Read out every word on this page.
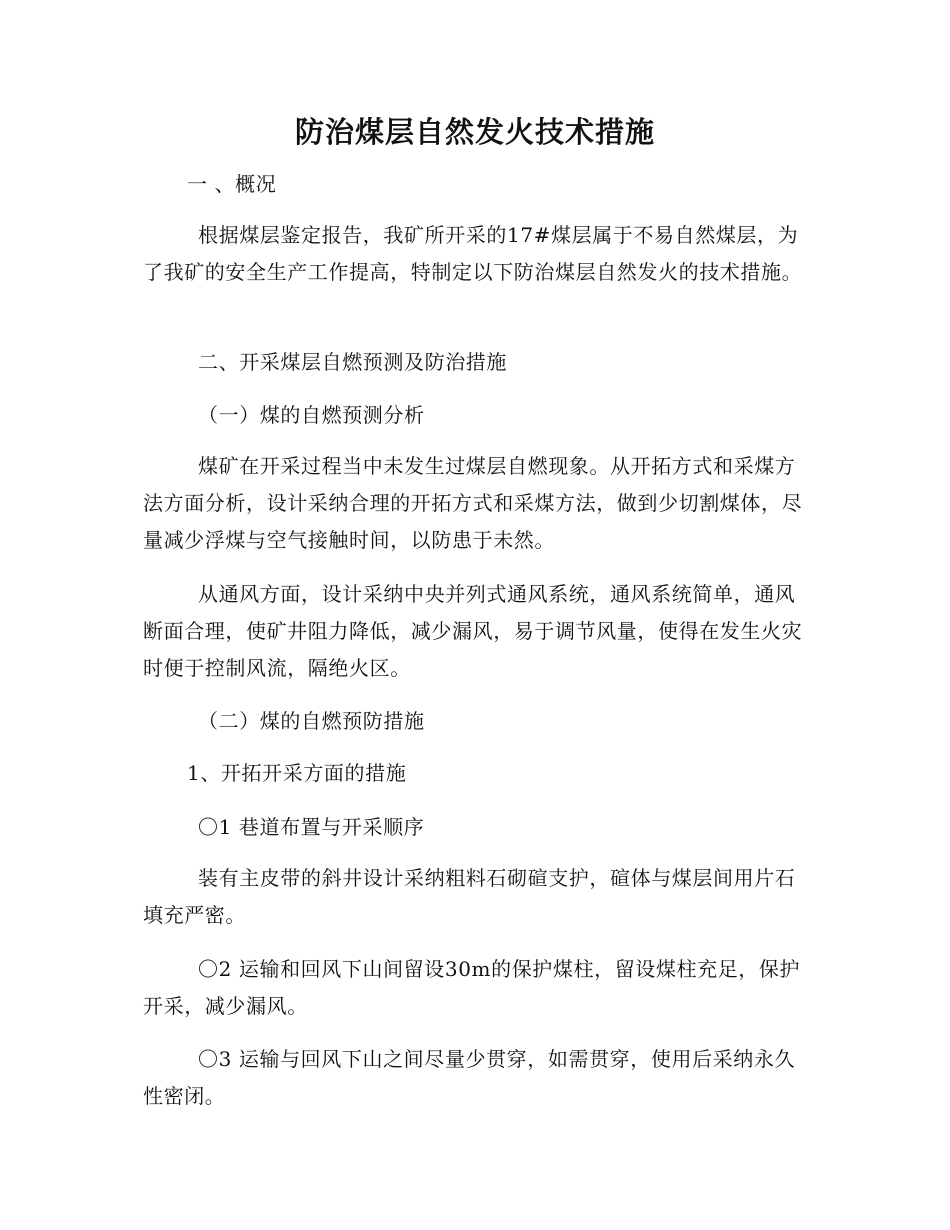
防治煤层自然发火技术措施
一 、概况
根据煤层鉴定报告，我矿所开采的17#煤层属于不易自然煤层，为了我矿的安全生产工作提高，特制定以下防治煤层自然发火的技术措施。
二、开采煤层自燃预测及防治措施
（一）煤的自燃预测分析
煤矿在开采过程当中未发生过煤层自燃现象。从开拓方式和采煤方法方面分析，设计采纳合理的开拓方式和采煤方法，做到少切割煤体，尽量减少浮煤与空气接触时间，以防患于未然。
从通风方面，设计采纳中央并列式通风系统，通风系统简单，通风断面合理，使矿井阻力降低，减少漏风，易于调节风量，使得在发生火灾时便于控制风流，隔绝火区。
（二）煤的自燃预防措施
1、开拓开采方面的措施
〇1 巷道布置与开采顺序
装有主皮带的斜井设计采纳粗料石砌碹支护，碹体与煤层间用片石填充严密。
〇2 运输和回风下山间留设30m的保护煤柱，留设煤柱充足，保护开采，减少漏风。
〇3 运输与回风下山之间尽量少贯穿，如需贯穿，使用后采纳永久性密闭。
